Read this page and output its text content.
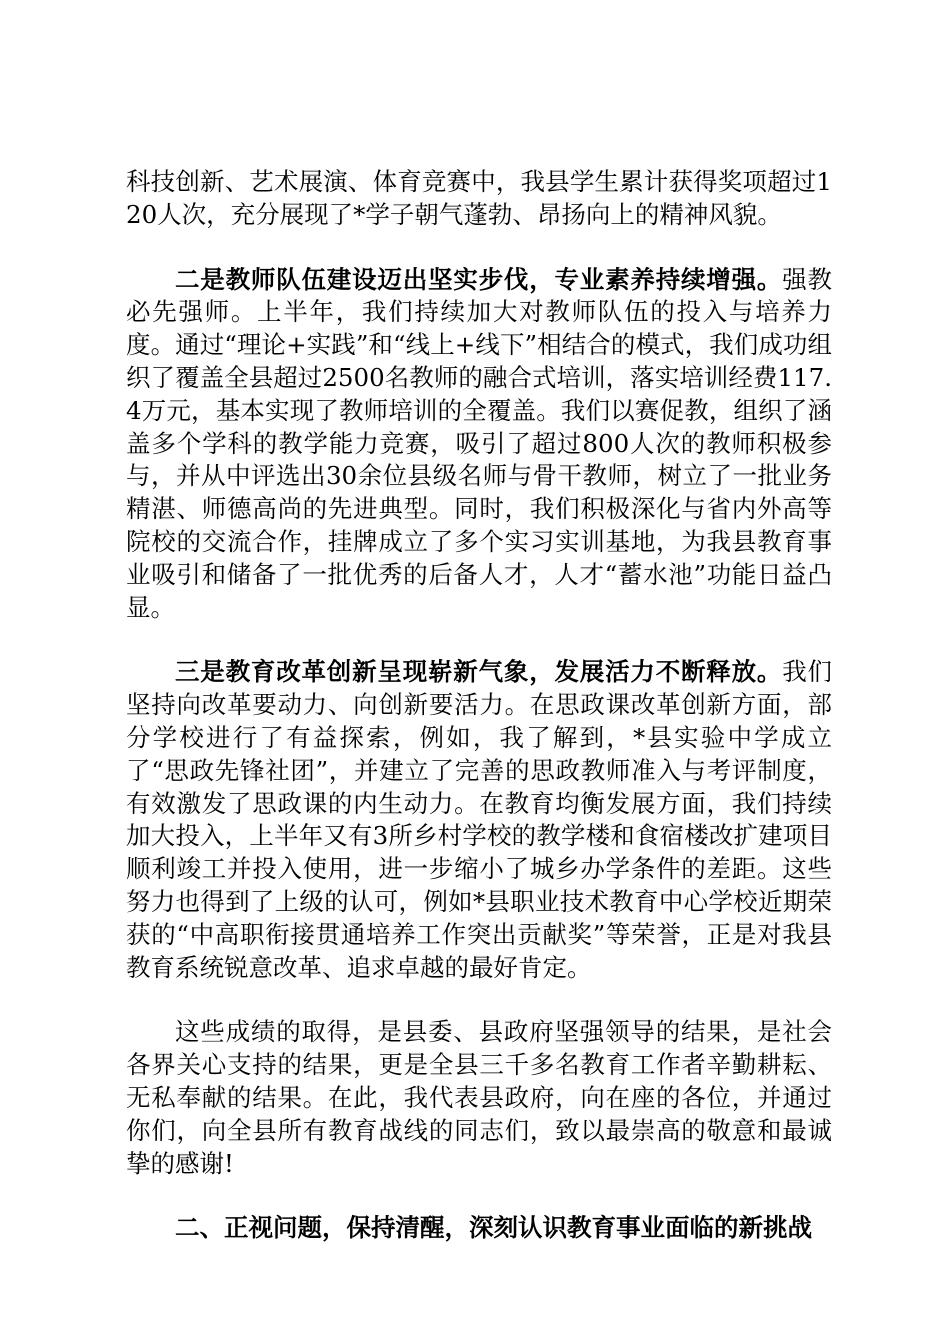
科技创新、艺术展演、体育竞赛中，我县学生累计获得奖项超过120人次，充分展现了*学子朝气蓬勃、昂扬向上的精神风貌。

二是教师队伍建设迈出坚实步伐，专业素养持续增强。强教必先强师。上半年，我们持续加大对教师队伍的投入与培养力度。通过“理论+实践”和“线上+线下”相结合的模式，我们成功组织了覆盖全县超过2500名教师的融合式培训，落实培训经费117.4万元，基本实现了教师培训的全覆盖。我们以赛促教，组织了涵盖多个学科的教学能力竞赛，吸引了超过800人次的教师积极参与，并从中评选出30余位县级名师与骨干教师，树立了一批业务精湛、师德高尚的先进典型。同时，我们积极深化与省内外高等院校的交流合作，挂牌成立了多个实习实训基地，为我县教育事业吸引和储备了一批优秀的后备人才，人才“蓄水池”功能日益凸显。

三是教育改革创新呈现崭新气象，发展活力不断释放。我们坚持向改革要动力、向创新要活力。在思政课改革创新方面，部分学校进行了有益探索，例如，我了解到，*县实验中学成立了“思政先锋社团”，并建立了完善的思政教师准入与考评制度，有效激发了思政课的内生动力。在教育均衡发展方面，我们持续加大投入，上半年又有3所乡村学校的教学楼和食宿楼改扩建项目顺利竣工并投入使用，进一步缩小了城乡办学条件的差距。这些努力也得到了上级的认可，例如*县职业技术教育中心学校近期荣获的“中高职衔接贯通培养工作突出贡献奖”等荣誉，正是对我县教育系统锐意改革、追求卓越的最好肯定。

这些成绩的取得，是县委、县政府坚强领导的结果，是社会各界关心支持的结果，更是全县三千多名教育工作者辛勤耕耘、无私奉献的结果。在此，我代表县政府，向在座的各位，并通过你们，向全县所有教育战线的同志们，致以最崇高的敬意和最诚挚的感谢!

二、正视问题，保持清醒，深刻认识教育事业面临的新挑战
